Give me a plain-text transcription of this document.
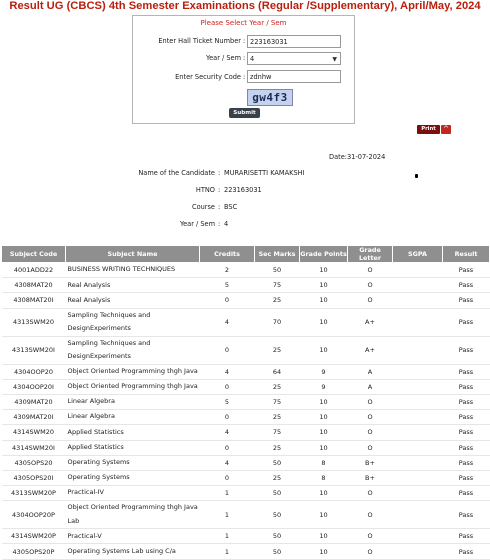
Result UG (CBCS) 4th Semester Examinations (Regular /Supplementary), April/May, 2024
Please Select Year / Sem
Enter Hall Ticket Number : 223163031
Year / Sem : 4	▼
Enter Security Code : zdnhw
gw4f3
Submit
Print	^
Date:31-07-2024
Name of the Candidate : MURARISETTI KAMAKSHI
HTNO : 223163031
Course : BSC
Year / Sem : 4
Subject Code	Subject Name	Credits	Sec Marks	Grade Points	Grade Letter	SGPA	Result
4001ADD22	BUSINESS WRITING TECHNIQUES	2	50	10	O		Pass
4308MAT20	Real Analysis	5	75	10	O		Pass
4308MAT20I	Real Analysis	0	25	10	O		Pass
4313SWM20	Sampling Techniques and
DesignExperiments	4	70	10	A+		Pass
4313SWM20I	Sampling Techniques and
DesignExperiments	0	25	10	A+		Pass
4304OOP20	Object Oriented Programming thgh Java	4	64	9	A		Pass
4304OOP20I	Object Oriented Programming thgh Java	0	25	9	A		Pass
4309MAT20	Linear Algebra	5	75	10	O		Pass
4309MAT20I	Linear Algebra	0	25	10	O		Pass
4314SWM20	Applied Statistics	4	75	10	O		Pass
4314SWM20I	Applied Statistics	0	25	10	O		Pass
4305OPS20	Operating Systems	4	50	8	B+		Pass
4305OPS20I	Operating Systems	0	25	8	B+		Pass
4313SWM20P	Practical-IV	1	50	10	O		Pass
4304OOP20P	Object Oriented Programming thgh Java
Lab	1	50	10	O		Pass
4314SWM20P	Practical-V	1	50	10	O		Pass
4305OPS20P	Operating Systems Lab using C/a	1	50	10	O		Pass
